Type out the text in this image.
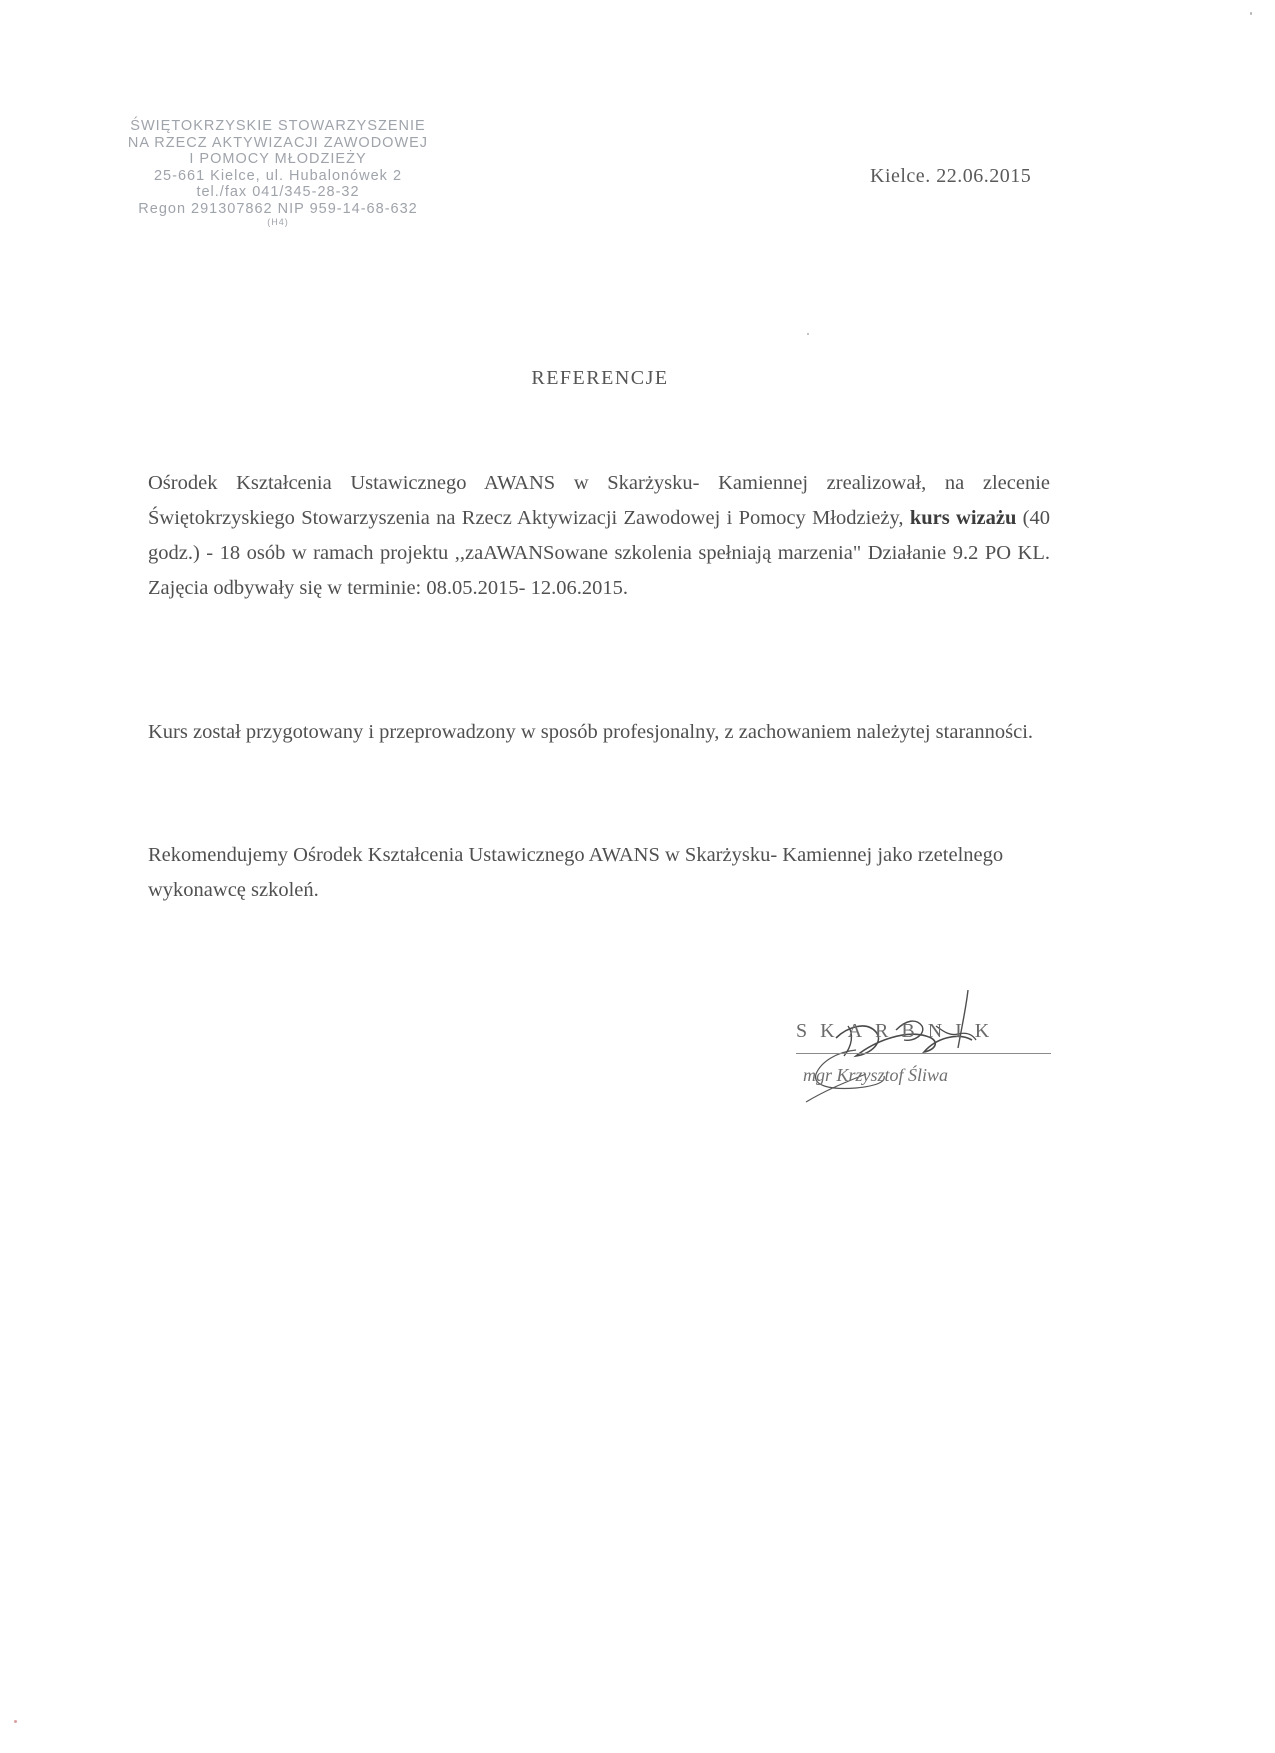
ŚWIĘTOKRZYSKIE STOWARZYSZENIE
NA RZECZ AKTYWIZACJI ZAWODOWEJ
I POMOCY MŁODZIEŻY
25-661 Kielce, ul. Hubalonówek 2
tel./fax 041/345-28-32
Regon 291307862 NIP 959-14-68-632
(H4)
Kielce. 22.06.2015
REFERENCJE
Ośrodek Kształcenia Ustawicznego AWANS w Skarżysku- Kamiennej zrealizował, na zlecenie Świętokrzyskiego Stowarzyszenia na Rzecz Aktywizacji Zawodowej i Pomocy Młodzieży, kurs wizażu (40 godz.) - 18 osób w ramach projektu ,,zaAWANSowane szkolenia spełniają marzenia" Działanie 9.2 PO KL. Zajęcia odbywały się w terminie: 08.05.2015- 12.06.2015.
Kurs został przygotowany i przeprowadzony w sposób profesjonalny, z zachowaniem należytej staranności.
Rekomendujemy Ośrodek Kształcenia Ustawicznego AWANS w Skarżysku- Kamiennej jako rzetelnego wykonawcę szkoleń.
SKARBNIK
mgr Krzysztof Śliwa
